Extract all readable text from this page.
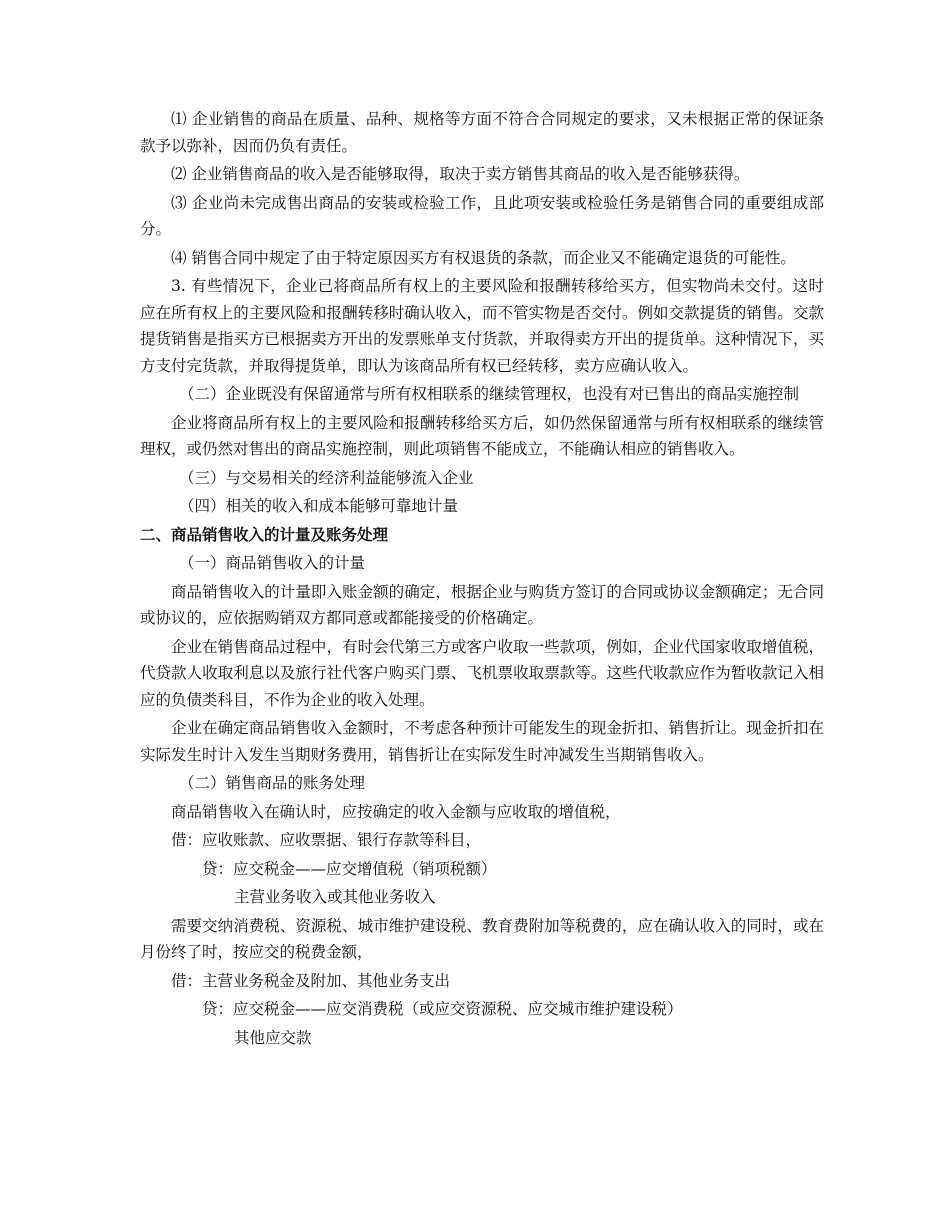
⑴ 企业销售的商品在质量、品种、规格等方面不符合合同规定的要求，又未根据正常的保证条款予以弥补，因而仍负有责任。

⑵ 企业销售商品的收入是否能够取得，取决于卖方销售其商品的收入是否能够获得。

⑶ 企业尚未完成售出商品的安装或检验工作，且此项安装或检验任务是销售合同的重要组成部分。

⑷ 销售合同中规定了由于特定原因买方有权退货的条款，而企业又不能确定退货的可能性。

3. 有些情况下，企业已将商品所有权上的主要风险和报酬转移给买方，但实物尚未交付。这时应在所有权上的主要风险和报酬转移时确认收入，而不管实物是否交付。例如交款提货的销售。交款提货销售是指买方已根据卖方开出的发票账单支付货款，并取得卖方开出的提货单。这种情况下，买方支付完货款，并取得提货单，即认为该商品所有权已经转移，卖方应确认收入。

（二）企业既没有保留通常与所有权相联系的继续管理权，也没有对已售出的商品实施控制

企业将商品所有权上的主要风险和报酬转移给买方后，如仍然保留通常与所有权相联系的继续管理权，或仍然对售出的商品实施控制，则此项销售不能成立，不能确认相应的销售收入。

（三）与交易相关的经济利益能够流入企业

（四）相关的收入和成本能够可靠地计量

二、商品销售收入的计量及账务处理

（一）商品销售收入的计量

商品销售收入的计量即入账金额的确定，根据企业与购货方签订的合同或协议金额确定；无合同或协议的，应依据购销双方都同意或都能接受的价格确定。

企业在销售商品过程中，有时会代第三方或客户收取一些款项，例如，企业代国家收取增值税，代贷款人收取利息以及旅行社代客户购买门票、飞机票收取票款等。这些代收款应作为暂收款记入相应的负债类科目，不作为企业的收入处理。

企业在确定商品销售收入金额时，不考虑各种预计可能发生的现金折扣、销售折让。现金折扣在实际发生时计入发生当期财务费用，销售折让在实际发生时冲减发生当期销售收入。

（二）销售商品的账务处理

商品销售收入在确认时，应按确定的收入金额与应收取的增值税，

借：应收账款、应收票据、银行存款等科目，
贷：应交税金——应交增值税（销项税额）
主营业务收入或其他业务收入

需要交纳消费税、资源税、城市维护建设税、教育费附加等税费的，应在确认收入的同时，或在月份终了时，按应交的税费金额，

借：主营业务税金及附加、其他业务支出
贷：应交税金——应交消费税（或应交资源税、应交城市维护建设税）
其他应交款
